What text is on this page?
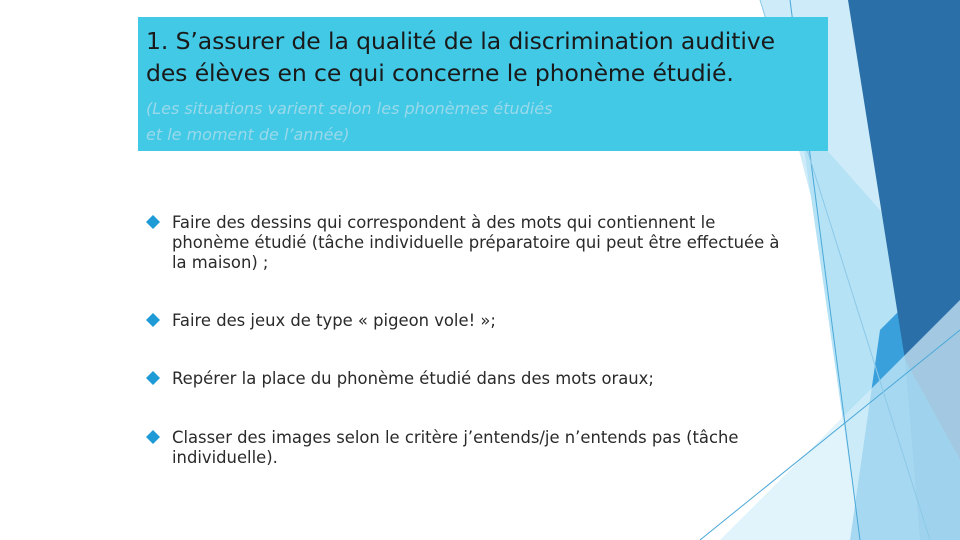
1. S’assurer de la qualité de la discrimination auditive
des élèves en ce qui concerne le phonème étudié.
(Les situations varient selon les phonèmes étudiés
et le moment de l’année)
Faire des dessins qui correspondent à des mots qui contiennent le phonème étudié (tâche individuelle préparatoire qui peut être effectuée à la maison) ;
Faire des jeux de type « pigeon vole! »;
Repérer la place du phonème étudié dans des mots oraux;
Classer des images selon le critère j’entends/je n’entends pas (tâche individuelle).
